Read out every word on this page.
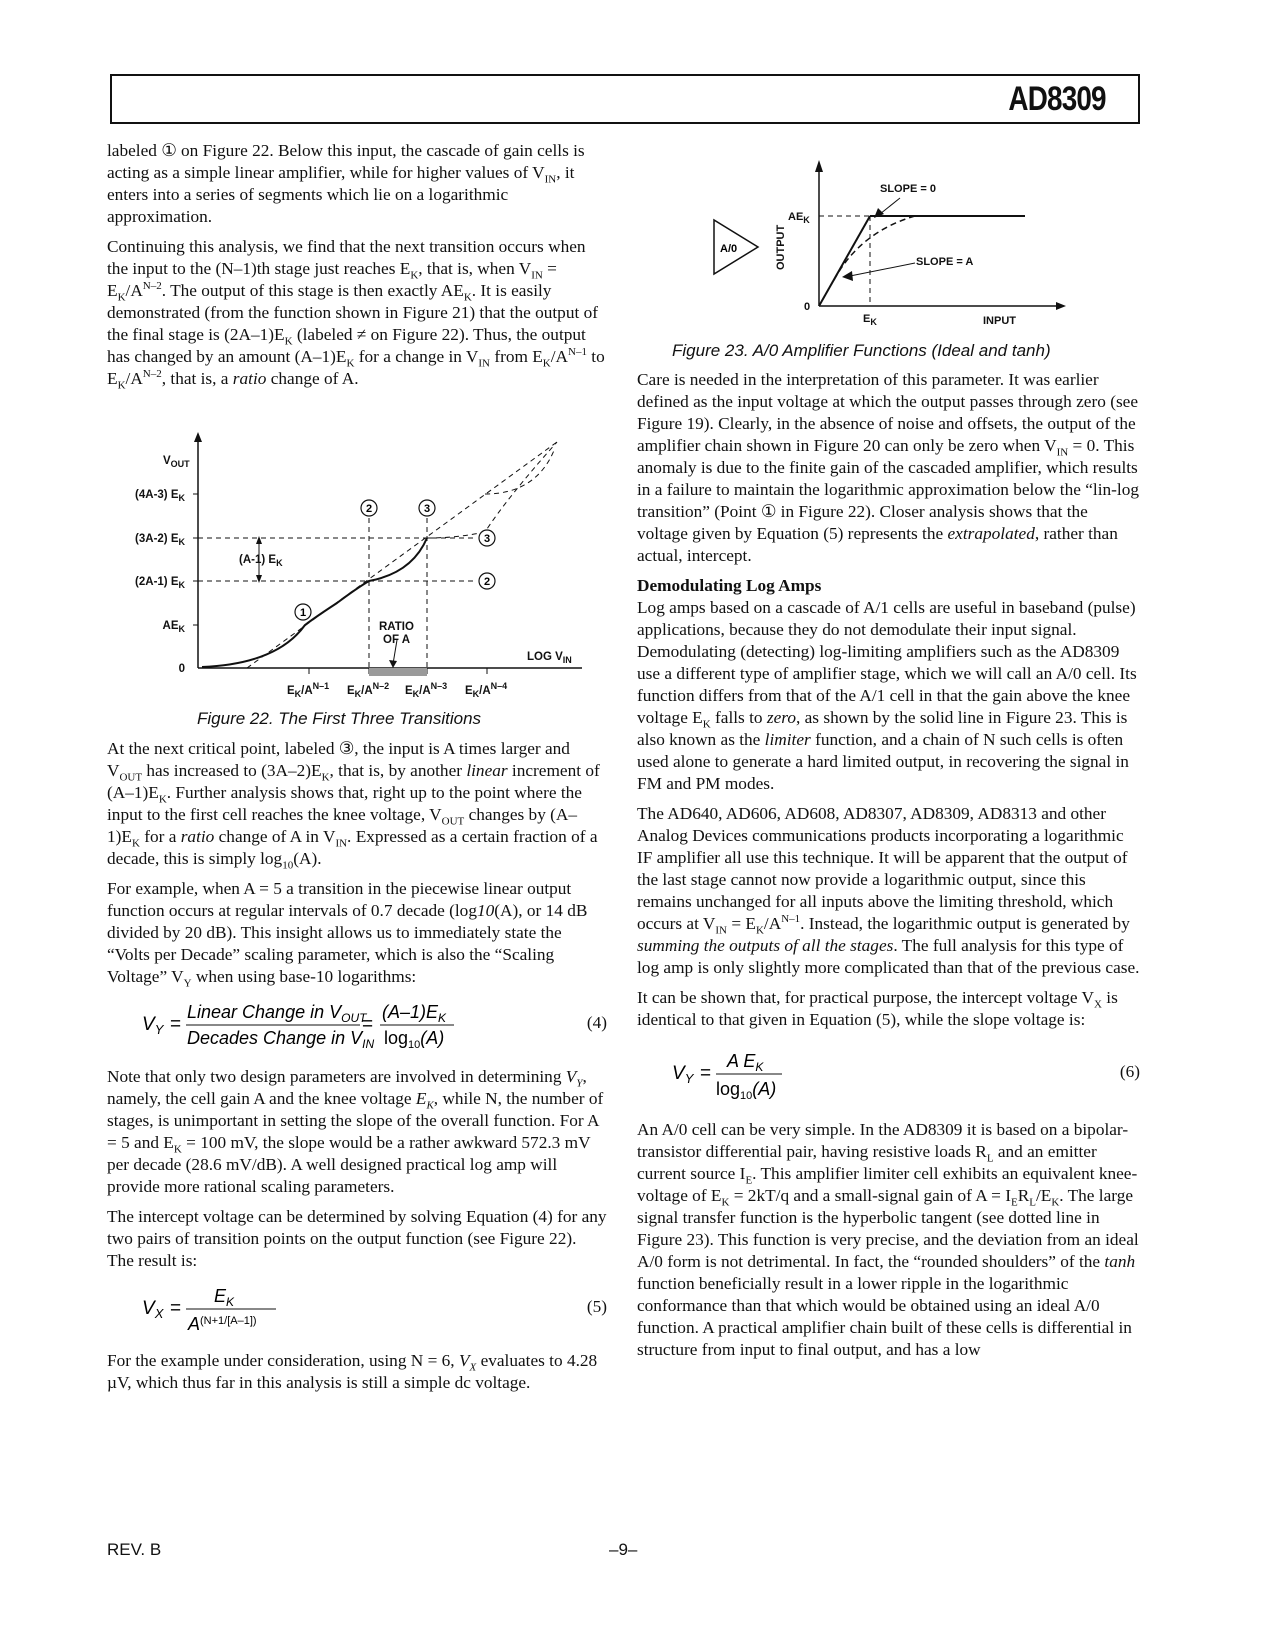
AD8309

labeled ① on Figure 22. Below this input, the cascade of gain cells is acting as a simple linear amplifier, while for higher values of $V_{IN}$, it enters into a series of segments which lie on a logarithmic approximation.

Continuing this analysis, we find that the next transition occurs when the input to the (N–1)th stage just reaches $E_K$, that is, when $V_{IN} = E_K/A^{N-2}$. The output of this stage is then exactly $AE_K$. It is easily demonstrated (from the function shown in Figure 21) that the output of the final stage is $(2A-1)E_K$ (labeled ≠ on Figure 22). Thus, the output has changed by an amount $(A-1)E_K$ for a change in $V_{IN}$ from $E_K/A^{N-1}$ to $E_K/A^{N-2}$, that is, a ratio change of A.

1
2	3
3
2
$V_{OUT}$
(4A-3) $E_K$
(3A-2) $E_K$
(2A-1) $E_K$
$AE_K$
0
(A-1) $E_K$
RATIO
OF A
LOG $V_{IN}$
$E_K/A^{N-1}$ $E_K/A^{N-2}$ $E_K/A^{N-3}$ $E_K/A^{N-4}$
Figure 22. The First Three Transitions

At the next critical point, labeled ③, the input is A times larger and $V_{OUT}$ has increased to $(3A-2)E_K$, that is, by another linear increment of $(A-1)E_K$. Further analysis shows that, right up to the point where the input to the first cell reaches the knee voltage, $V_{OUT}$ changes by $(A-1)E_K$ for a ratio change of A in $V_{IN}$. Expressed as a certain fraction of a decade, this is simply $\log_{10}(A)$.

For example, when A = 5 a transition in the piecewise linear output function occurs at regular intervals of 0.7 decade (log10(A), or 14 dB divided by 20 dB). This insight allows us to immediately state the “Volts per Decade” scaling parameter, which is also the “Scaling Voltage” $V_Y$ when using base-10 logarithms:

$V_Y$ =
Linear Change in $V_{OUT}$
Decades Change in $V_{IN}$
=
$(A-1)E_K$
$\log_{10}(A)$
(4)

Note that only two design parameters are involved in determining $V_Y$, namely, the cell gain A and the knee voltage $E_K$, while N, the number of stages, is unimportant in setting the slope of the overall function. For A = 5 and $E_K = 100$ mV, the slope would be a rather awkward 572.3 mV per decade (28.6 mV/dB). A well designed practical log amp will provide more rational scaling parameters.

The intercept voltage can be determined by solving Equation (4) for any two pairs of transition points on the output function (see Figure 22). The result is:

$V_X$ =
$E_K$
$A^{(N+1/[A-1])}$
(5)

For the example under consideration, using N = 6, $V_X$ evaluates to 4.28 µV, which thus far in this analysis is still a simple dc voltage.

A/0
SLOPE = 0
SLOPE = A
$AE_K$
0
$E_K$	INPUT
OUTPUT
Figure 23. A/0 Amplifier Functions (Ideal and tanh)

Care is needed in the interpretation of this parameter. It was earlier defined as the input voltage at which the output passes through zero (see Figure 19). Clearly, in the absence of noise and offsets, the output of the amplifier chain shown in Figure 20 can only be zero when $V_{IN} = 0$. This anomaly is due to the finite gain of the cascaded amplifier, which results in a failure to maintain the logarithmic approximation below the “lin-log transition” (Point ① in Figure 22). Closer analysis shows that the voltage given by Equation (5) represents the extrapolated, rather than actual, intercept.

Demodulating Log Amps

Log amps based on a cascade of A/1 cells are useful in baseband (pulse) applications, because they do not demodulate their input signal. Demodulating (detecting) log-limiting amplifiers such as the AD8309 use a different type of amplifier stage, which we will call an A/0 cell. Its function differs from that of the A/1 cell in that the gain above the knee voltage $E_K$ falls to zero, as shown by the solid line in Figure 23. This is also known as the limiter function, and a chain of N such cells is often used alone to generate a hard limited output, in recovering the signal in FM and PM modes.

The AD640, AD606, AD608, AD8307, AD8309, AD8313 and other Analog Devices communications products incorporating a logarithmic IF amplifier all use this technique. It will be apparent that the output of the last stage cannot now provide a logarithmic output, since this remains unchanged for all inputs above the limiting threshold, which occurs at $V_{IN} = E_K/A^{N-1}$. Instead, the logarithmic output is generated by summing the outputs of all the stages. The full analysis for this type of log amp is only slightly more complicated than that of the previous case.

It can be shown that, for practical purpose, the intercept voltage $V_X$ is identical to that given in Equation (5), while the slope voltage is:

$V_Y$ =
A $E_K$
$\log_{10}(A)$
(6)

An A/0 cell can be very simple. In the AD8309 it is based on a bipolar-transistor differential pair, having resistive loads $R_L$ and an emitter current source $I_E$. This amplifier limiter cell exhibits an equivalent knee-voltage of $E_K = 2kT/q$ and a small-signal gain of $A = I_ER_L/E_K$. The large signal transfer function is the hyperbolic tangent (see dotted line in Figure 23). This function is very precise, and the deviation from an ideal A/0 form is not detrimental. In fact, the “rounded shoulders” of the tanh function beneficially result in a lower ripple in the logarithmic conformance than that which would be obtained using an ideal A/0 function. A practical amplifier chain built of these cells is differential in structure from input to final output, and has a low

REV. B	–9–
